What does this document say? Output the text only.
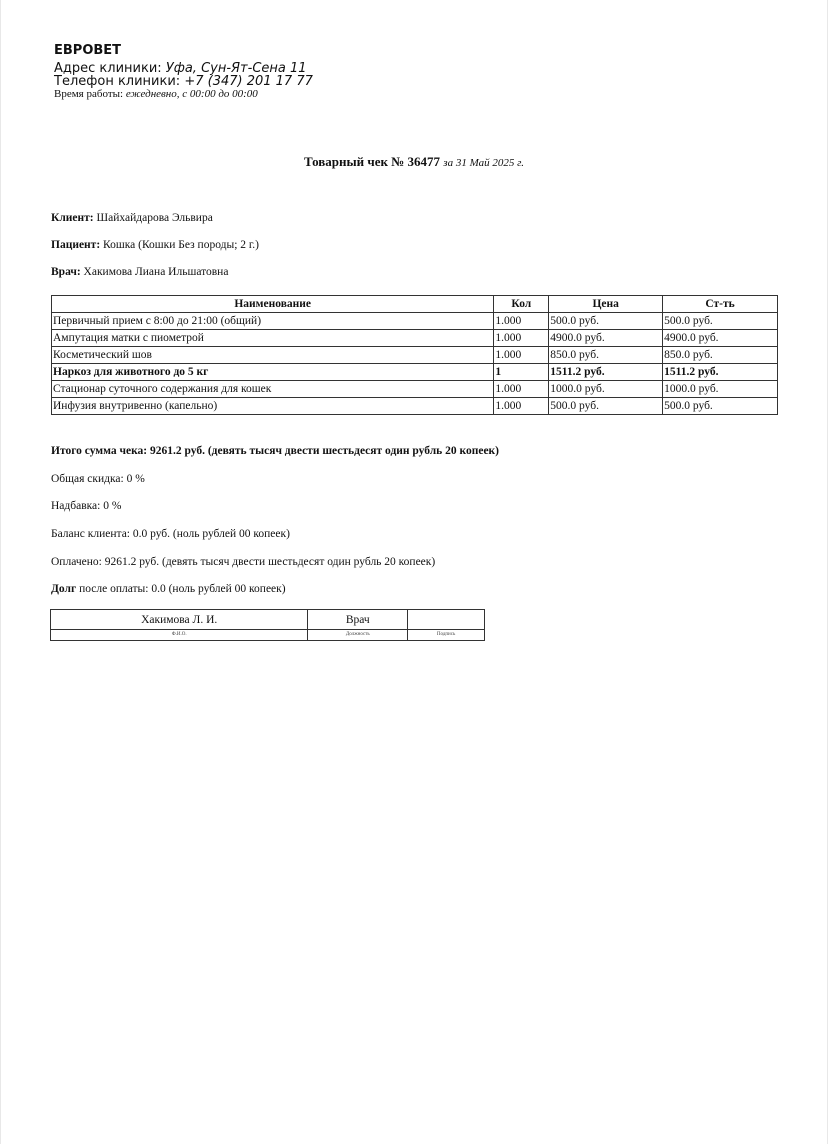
ЕВРОВЕТ
Адрес клиники: Уфа, Сун-Ят-Сена 11
Телефон клиники: +7 (347) 201 17 77
Время работы: ежедневно, с 00:00 до 00:00
Товарный чек № 36477 за 31 Май 2025 г.
Клиент: Шайхайдарова Эльвира
Пациент: Кошка (Кошки Без породы; 2 г.)
Врач: Хакимова Лиана Ильшатовна
Наименование	Кол	Цена	Ст-ть
Первичный прием с 8:00 до 21:00 (общий)	1.000	500.0 руб.	500.0 руб.
Ампутация матки с пиометрой	1.000	4900.0 руб.	4900.0 руб.
Косметический шов	1.000	850.0 руб.	850.0 руб.
Наркоз для животного до 5 кг	1	1511.2 руб.	1511.2 руб.
Стационар суточного содержания для кошек	1.000	1000.0 руб.	1000.0 руб.
Инфузия внутривенно (капельно)	1.000	500.0 руб.	500.0 руб.
Итого сумма чека: 9261.2 руб. (девять тысяч двести шестьдесят один рубль 20 копеек)
Общая скидка: 0 %
Надбавка: 0 %
Баланс клиента: 0.0 руб. (ноль рублей 00 копеек)
Оплачено: 9261.2 руб. (девять тысяч двести шестьдесят один рубль 20 копеек)
Долг после оплаты: 0.0 (ноль рублей 00 копеек)
Хакимова Л. И.	Врач	
Ф.И.О.	Должность	Подпись
